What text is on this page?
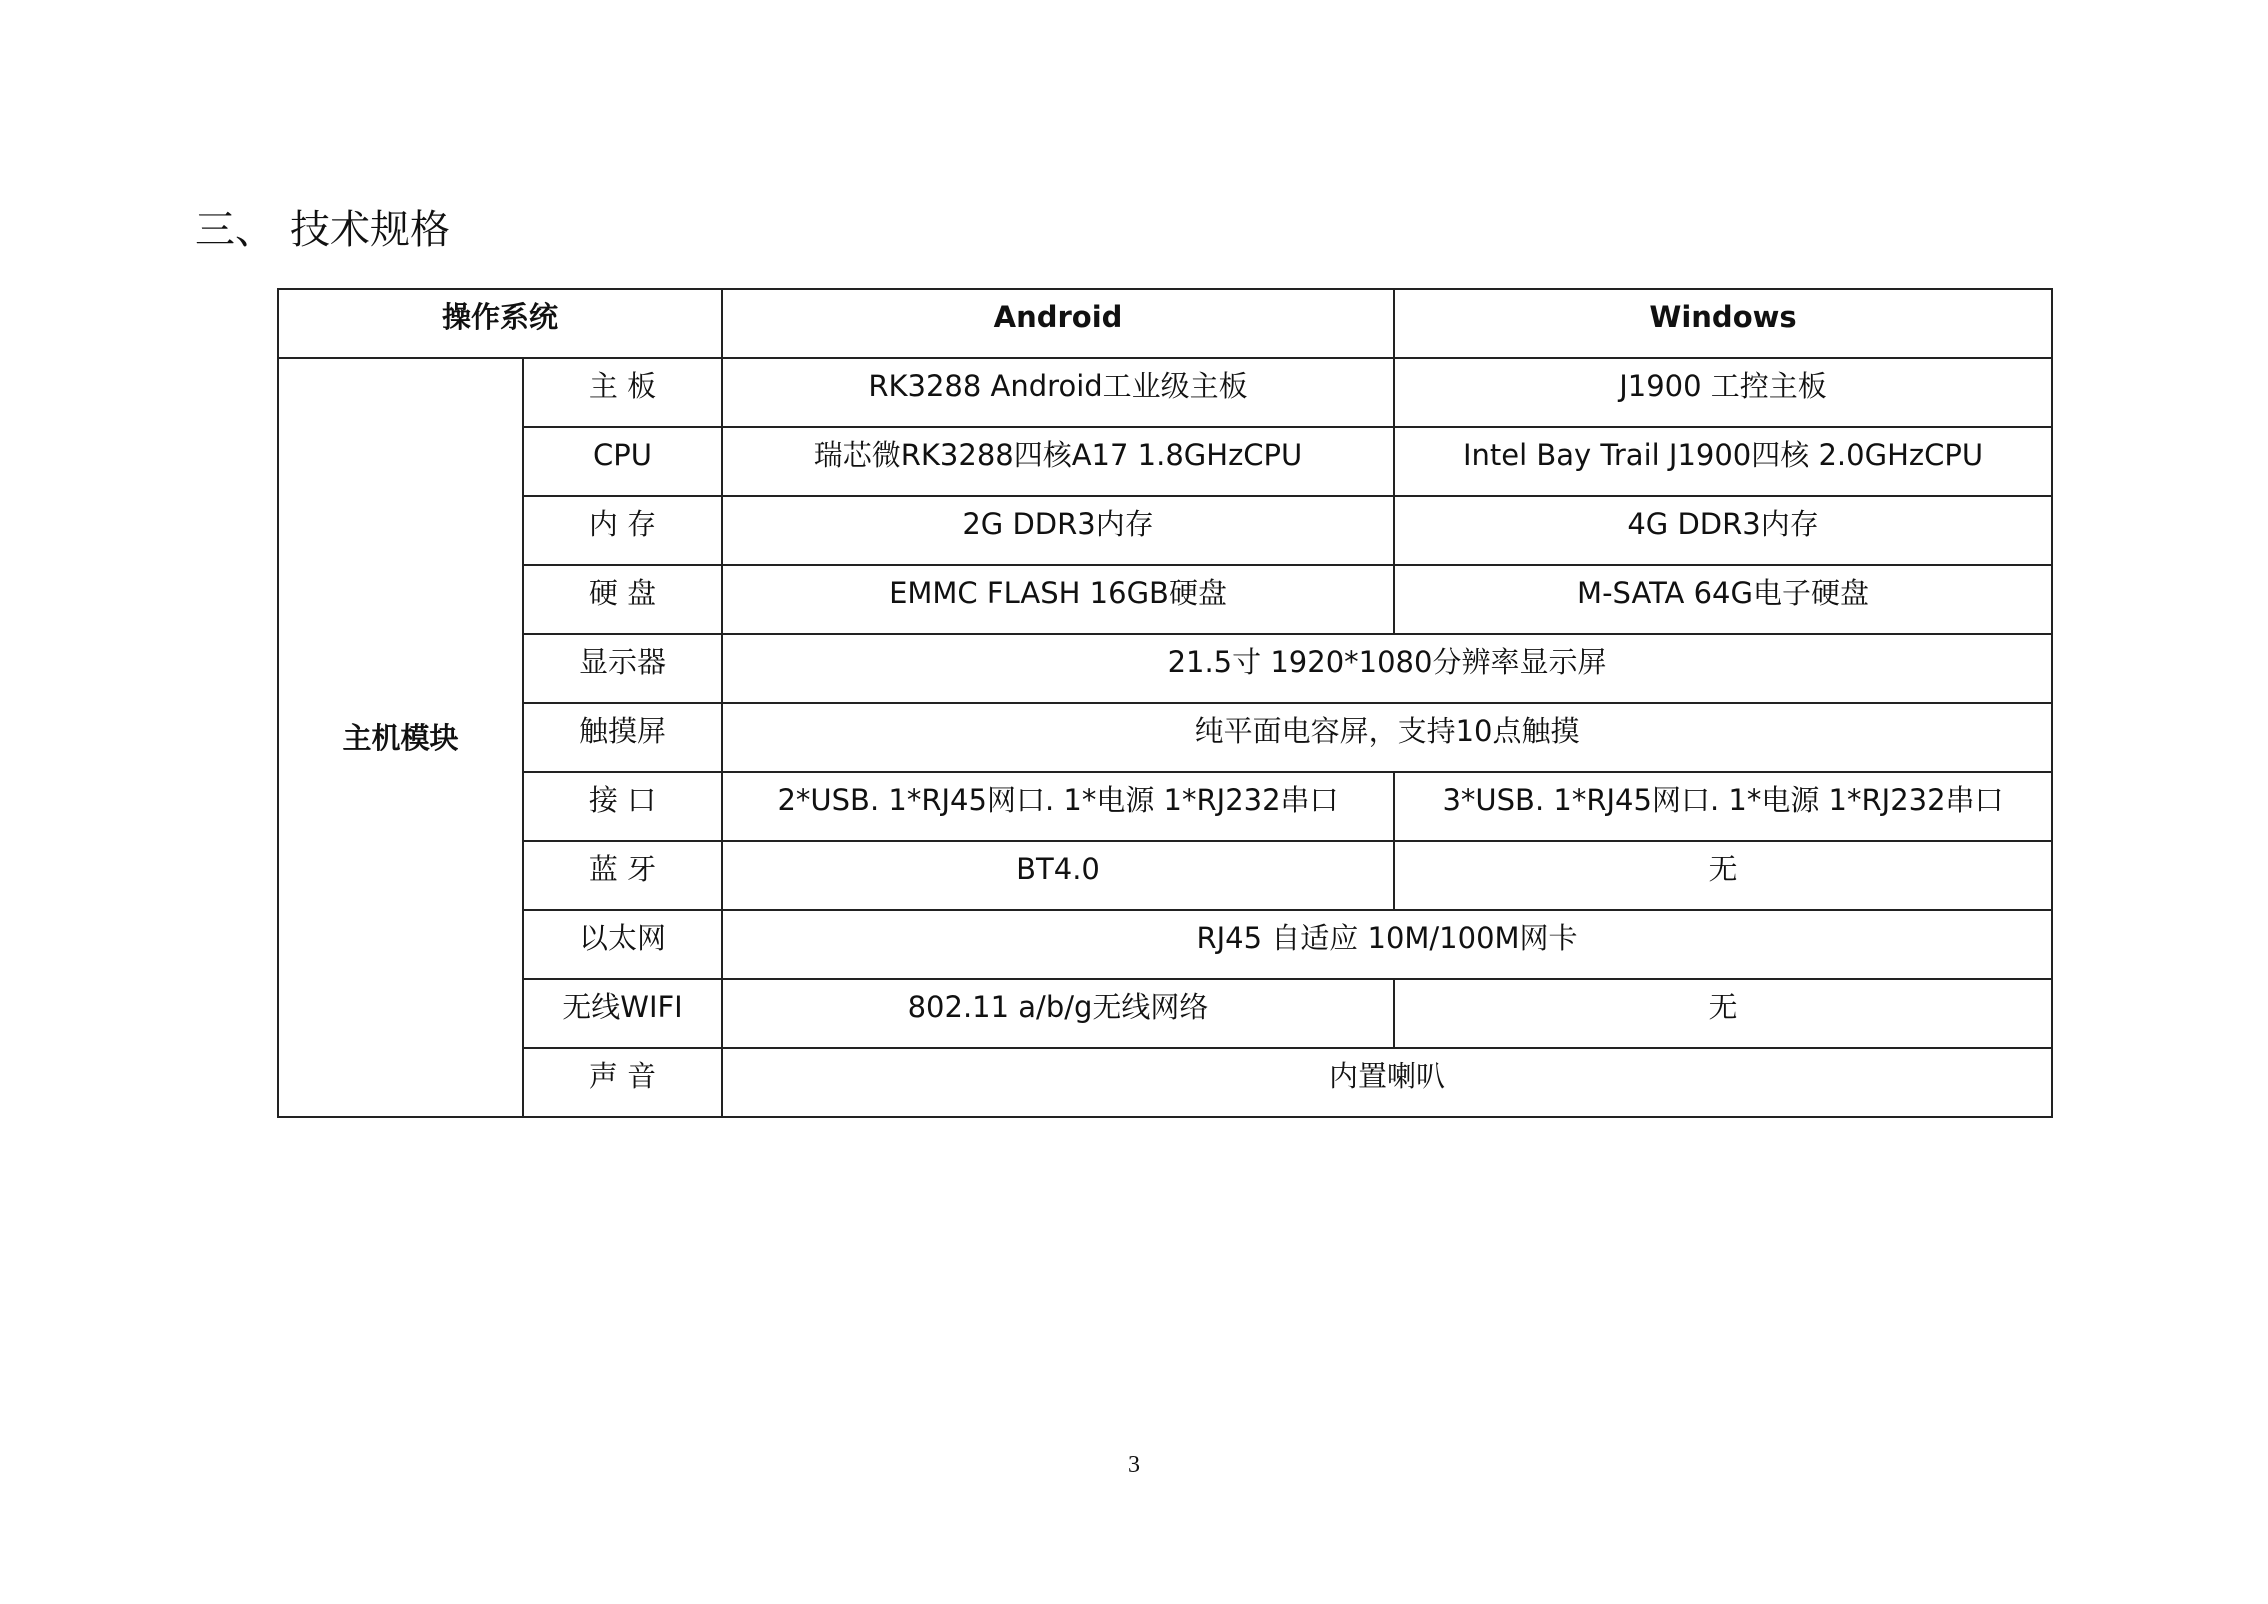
三、 技术规格
操作系统		Android	Windows
主机模块	主 板	RK3288 Android工业级主板	J1900 工控主板
	CPU	瑞芯微RK3288四核A17 1.8GHzCPU	Intel Bay Trail J1900四核 2.0GHzCPU
	内 存	2G DDR3内存	4G DDR3内存
	硬 盘	EMMC FLASH 16GB硬盘	M-SATA 64G电子硬盘
	显示器	21.5寸 1920*1080分辨率显示屏	
	触摸屏	纯平面电容屏，支持10点触摸	
	接 口	2*USB. 1*RJ45网口. 1*电源 1*RJ232串口	3*USB. 1*RJ45网口. 1*电源 1*RJ232串口
	蓝 牙	BT4.0	无
	以太网	RJ45 自适应 10M/100M网卡	
	无线WIFI	802.11 a/b/g无线网络	无
	声 音	内置喇叭	
3
